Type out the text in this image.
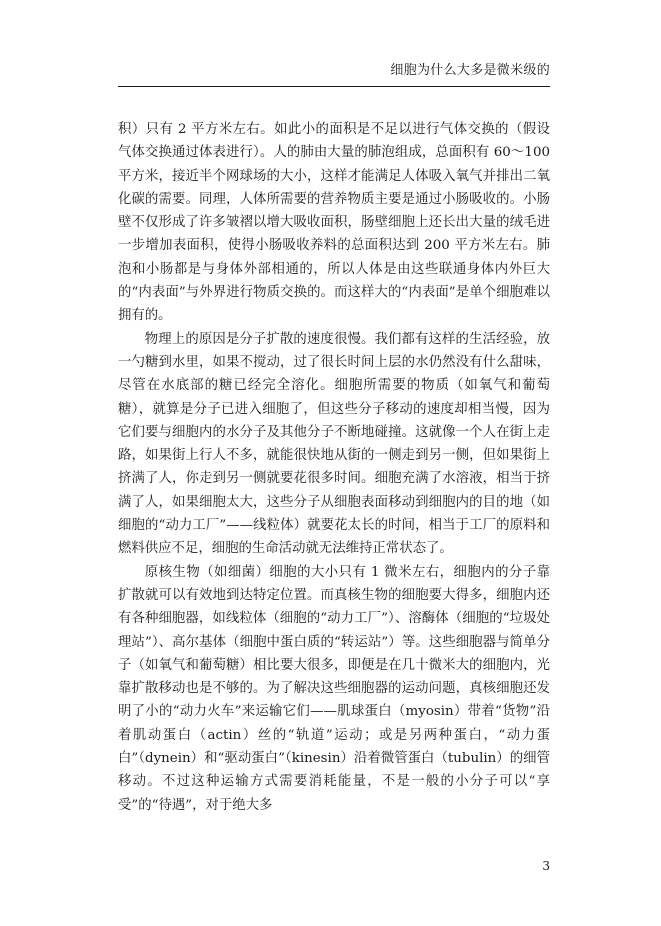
细胞为什么大多是微米级的

积）只有 2 平方米左右。如此小的面积是不足以进行气体交换的（假设气体交换通过体表进行）。人的肺由大量的肺泡组成，总面积有 60～100 平方米，接近半个网球场的大小，这样才能满足人体吸入氧气并排出二氧化碳的需要。同理，人体所需要的营养物质主要是通过小肠吸收的。小肠壁不仅形成了许多皱褶以增大吸收面积，肠壁细胞上还长出大量的绒毛进一步增加表面积，使得小肠吸收养料的总面积达到 200 平方米左右。肺泡和小肠都是与身体外部相通的，所以人体是由这些联通身体内外巨大的“内表面”与外界进行物质交换的。而这样大的“内表面”是单个细胞难以拥有的。

物理上的原因是分子扩散的速度很慢。我们都有这样的生活经验，放一勺糖到水里，如果不搅动，过了很长时间上层的水仍然没有什么甜味，尽管在水底部的糖已经完全溶化。细胞所需要的物质（如氧气和葡萄糖），就算是分子已进入细胞了，但这些分子移动的速度却相当慢，因为它们要与细胞内的水分子及其他分子不断地碰撞。这就像一个人在街上走路，如果街上行人不多，就能很快地从街的一侧走到另一侧，但如果街上挤满了人，你走到另一侧就要花很多时间。细胞充满了水溶液，相当于挤满了人，如果细胞太大，这些分子从细胞表面移动到细胞内的目的地（如细胞的“动力工厂”——线粒体）就要花太长的时间，相当于工厂的原料和燃料供应不足，细胞的生命活动就无法维持正常状态了。

原核生物（如细菌）细胞的大小只有 1 微米左右，细胞内的分子靠扩散就可以有效地到达特定位置。而真核生物的细胞要大得多，细胞内还有各种细胞器，如线粒体（细胞的“动力工厂”）、溶酶体（细胞的“垃圾处理站”）、高尔基体（细胞中蛋白质的“转运站”）等。这些细胞器与简单分子（如氧气和葡萄糖）相比要大很多，即便是在几十微米大的细胞内，光靠扩散移动也是不够的。为了解决这些细胞器的运动问题，真核细胞还发明了小的“动力火车”来运输它们——肌球蛋白（myosin）带着“货物”沿着肌动蛋白（actin）丝的“轨道”运动；或是另两种蛋白，“动力蛋白”（dynein）和“驱动蛋白”（kinesin）沿着微管蛋白（tubulin）的细管移动。不过这种运输方式需要消耗能量，不是一般的小分子可以“享受”的“待遇”，对于绝大多

3
